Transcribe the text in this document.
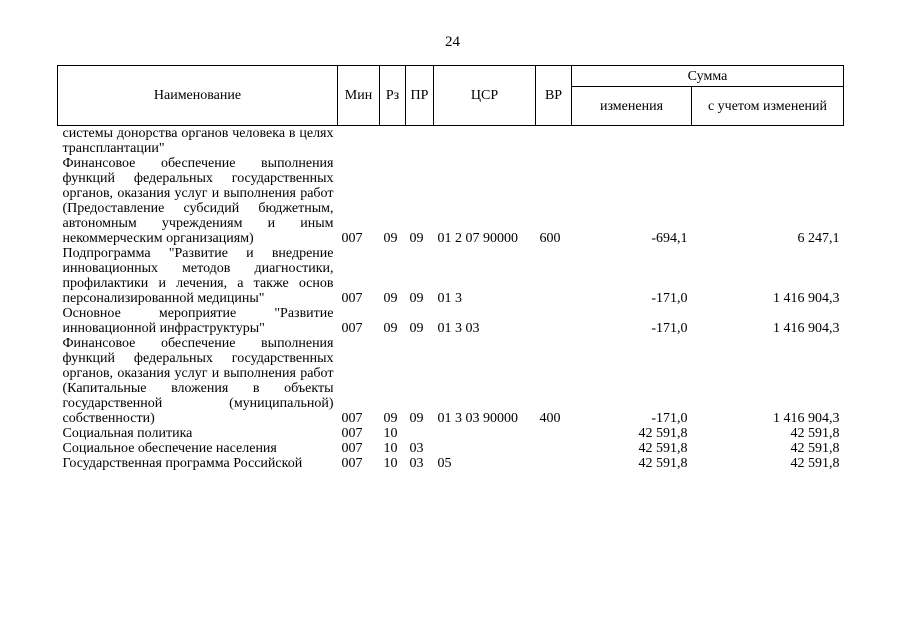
24
Наименование	Мин	Рз	ПР	ЦСР	ВР	Сумма	
						изменения	с учетом изменений
системы донорства органов человека в целях трансплантации"							
Финансовое обеспечение выполнения функций федеральных государственных органов, оказания услуг и выполнения работ (Предоставление субсидий бюджетным, автономным учреждениям и иным некоммерческим организациям)	007	09	09	01 2 07 90000	600	-694,1	6 247,1
Подпрограмма "Развитие и внедрение инновационных методов диагностики, профилактики и лечения, а также основ персонализированной медицины"	007	09	09	01 3		-171,0	1 416 904,3
Основное мероприятие "Развитие инновационной инфраструктуры"	007	09	09	01 3 03		-171,0	1 416 904,3
Финансовое обеспечение выполнения функций федеральных государственных органов, оказания услуг и выполнения работ (Капитальные вложения в объекты государственной (муниципальной) собственности)	007	09	09	01 3 03 90000	400	-171,0	1 416 904,3
Социальная политика	007	10				42 591,8	42 591,8
Социальное обеспечение населения	007	10	03			42 591,8	42 591,8
Государственная программа Российской	007	10	03	05		42 591,8	42 591,8
